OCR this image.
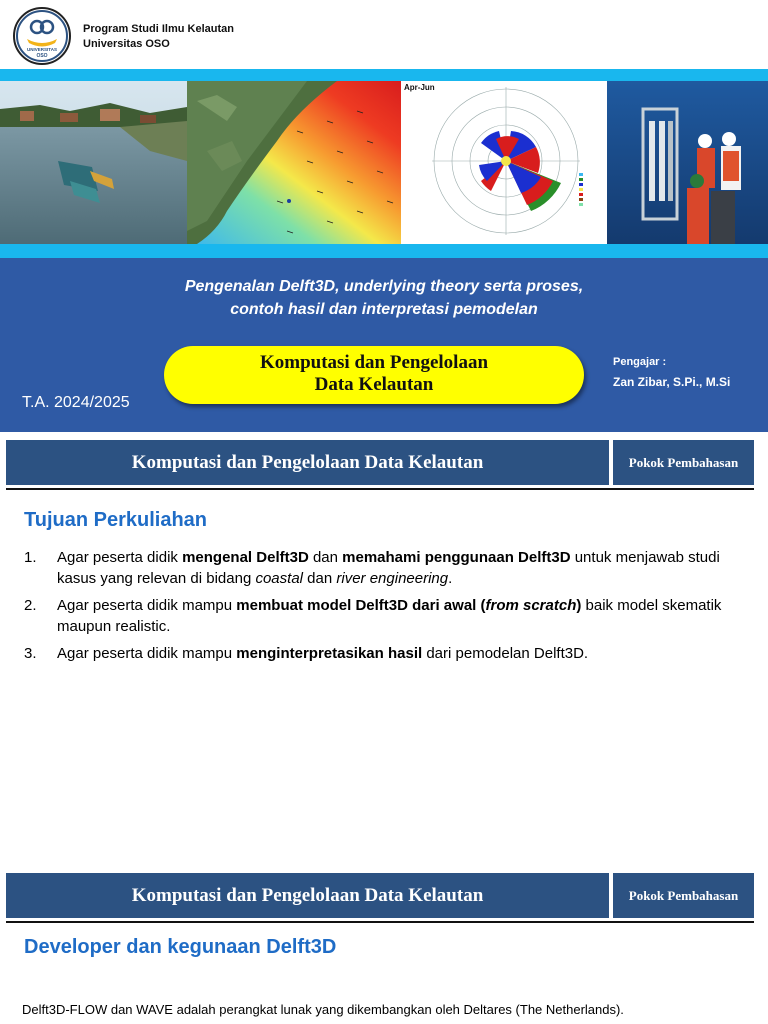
UNIVERSITAS
OSO
Program Studi Ilmu Kelautan
Universitas OSO
Apr-Jun
Pengenalan Delft3D, underlying theory serta proses,
contoh hasil dan interpretasi pemodelan
Komputasi dan Pengelolaan
Data Kelautan
T.A. 2024/2025
Pengajar :
Zan Zibar, S.Pi., M.Si
Komputasi dan Pengelolaan Data Kelautan	Pokok Pembahasan
Tujuan Perkuliahan
1.	Agar peserta didik mengenal Delft3D dan memahami penggunaan Delft3D untuk menjawab studi kasus yang relevan di bidang coastal dan river engineering.
2.	Agar peserta didik mampu membuat model Delft3D dari awal (from scratch) baik model skematik maupun realistic.
3.	Agar peserta didik mampu menginterpretasikan hasil dari pemodelan Delft3D.
Komputasi dan Pengelolaan Data Kelautan	Pokok Pembahasan
Developer dan kegunaan Delft3D
Delft3D-FLOW dan WAVE adalah perangkat lunak yang dikembangkan oleh Deltares (The Netherlands).
